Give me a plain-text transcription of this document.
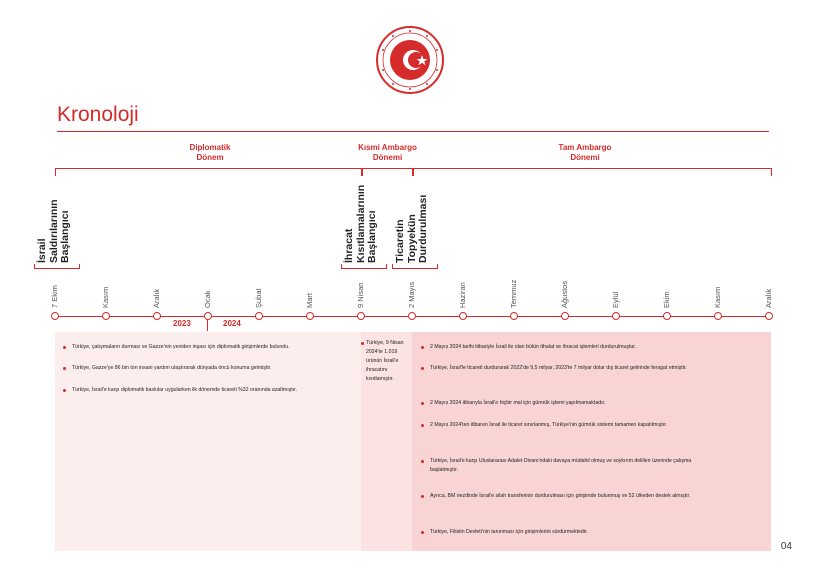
Kronoloji
Diplomatik
Dönem
Kısmi Ambargo
Dönemi
Tam Ambargo
Dönemi
İsrail
Saldırılarının
Başlangıcı	İhracat
Kısıtlamalarının
Başlangıcı Ticaretin
Topyekün
Durdurulması
7 Ekim	Kasım	Aralık	Ocak	Şubat	Mart	9 Nisan	2 Mayıs	Haziran	Temmuz	Ağustos	Eylül	Ekim	Kasım	Aralık
2023	2024
Türkiye, çatışmaların durması ve Gazze'nin yeniden inşası için diplomatik girişimlerde bulundu.
Türkiye, Gazze'ye 86 bin ton insani yardım ulaştırarak dünyada öncü konuma gelmiştir.
Türkiye, İsrail'e karşı diplomatik baskılar uygularken ilk dönemde ticareti %32 oranında azaltmıştır.
Türkiye, 9 Nisan 2024'te 1.019 ürünün İsrail'e ihracatını kısıtlamıştır.
2 Mayıs 2024 tarihi itibariyle İsrail ile olan bütün ithalat ve ihracat işlemleri durdurulmuştur.
Türkiye, İsrail'le ticareti durdurarak 2022'de 9,5 milyar, 2023'te 7 milyar dolar dış ticaret gelirinde feragat etmiştir.
2 Mayıs 2024 itibarıyla İsrail'e hiçbir mal için gümrük işlemi yapılmamaktadır.
2 Mayıs 2024'ten itibaren İsrail ile ticaret sınırlanmış, Türkiye'nin gümrük sistemi tamamen kapatılmıştır.
Türkiye, İsrail'e karşı Uluslararası Adalet Divanı'ndaki davaya müdahil olmuş ve soykırım delilleri üzerinde çalışma başlatmıştır.
Ayrıca, BM nezdinde İsrail'e silah transferinin durdurulması için girişimde bulunmuş ve 52 ülkeden destek almıştır.
Türkiye, Filistin Devleti'nin tanınması için girişimlerini sürdürmektedir.
04
